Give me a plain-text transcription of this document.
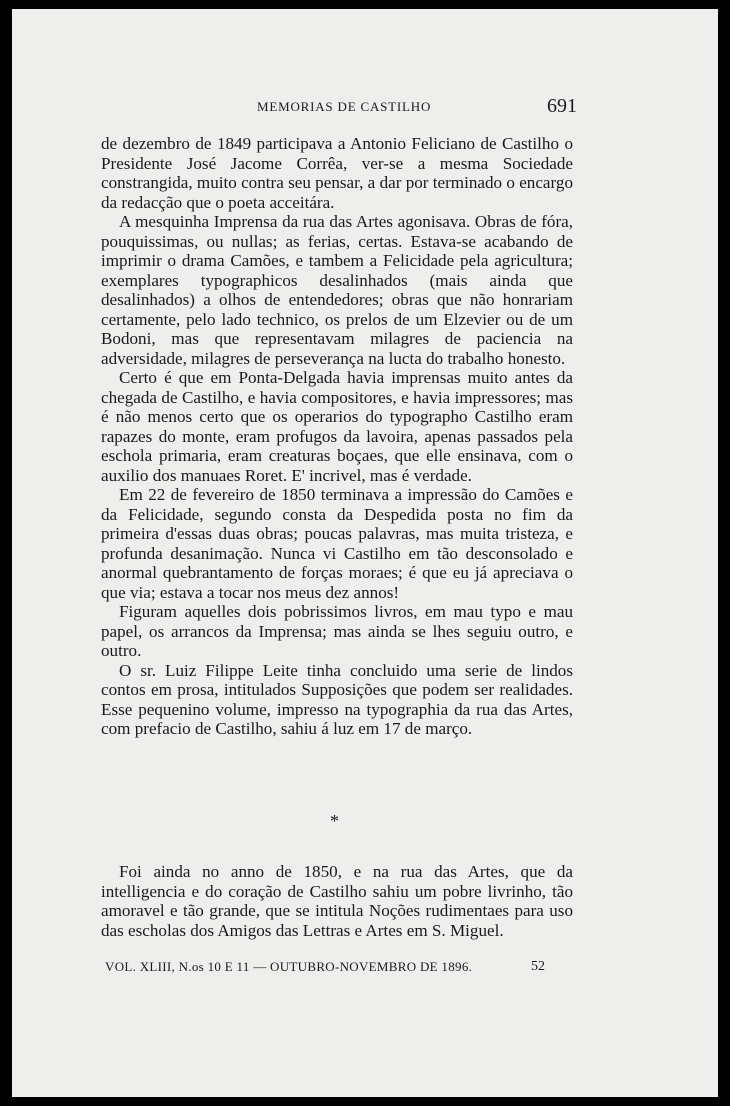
MEMORIAS DE CASTILHO	691

de dezembro de 1849 participava a Antonio Feliciano de Castilho o Presidente José Jacome Corrêa, ver-se a mesma Sociedade constrangida, muito contra seu pensar, a dar por terminado o encargo da redacção que o poeta acceitára.

A mesquinha Imprensa da rua das Artes agonisava. Obras de fóra, pouquissimas, ou nullas; as ferias, certas. Estava-se acabando de imprimir o drama Camões, e tambem a Felicidade pela agricultura; exemplares typographicos desalinhados (mais ainda que desalinhados) a olhos de entendedores; obras que não honrariam certamente, pelo lado technico, os prelos de um Elzevier ou de um Bodoni, mas que representavam milagres de paciencia na adversidade, milagres de perseverança na lucta do trabalho honesto.

Certo é que em Ponta-Delgada havia imprensas muito antes da chegada de Castilho, e havia compositores, e havia impressores; mas é não menos certo que os operarios do typographo Castilho eram rapazes do monte, eram profugos da lavoira, apenas passados pela eschola primaria, eram creaturas boçaes, que elle ensinava, com o auxilio dos manuaes Roret. E' incrivel, mas é verdade.

Em 22 de fevereiro de 1850 terminava a impressão do Camões e da Felicidade, segundo consta da Despedida posta no fim da primeira d'essas duas obras; poucas palavras, mas muita tristeza, e profunda desanimação. Nunca vi Castilho em tão desconsolado e anormal quebrantamento de forças moraes; é que eu já apreciava o que via; estava a tocar nos meus dez annos!

Figuram aquelles dois pobrissimos livros, em mau typo e mau papel, os arrancos da Imprensa; mas ainda se lhes seguiu outro, e outro.

O sr. Luiz Filippe Leite tinha concluido uma serie de lindos contos em prosa, intitulados Supposições que podem ser realidades. Esse pequenino volume, impresso na typographia da rua das Artes, com prefacio de Castilho, sahiu á luz em 17 de março.

*

Foi ainda no anno de 1850, e na rua das Artes, que da intelligencia e do coração de Castilho sahiu um pobre livrinho, tão amoravel e tão grande, que se intitula Noções rudimentaes para uso das escholas dos Amigos das Lettras e Artes em S. Miguel.

VOL. XLIII, N.os 10 E 11 — OUTUBRO-NOVEMBRO DE 1896.	52
